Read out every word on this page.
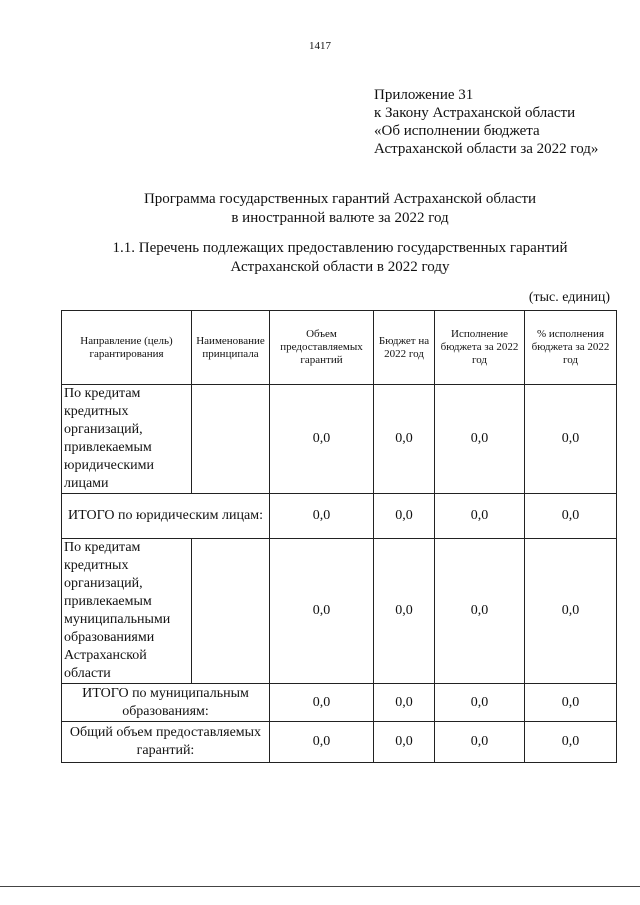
1417
Приложение 31
к Закону Астраханской области
«Об исполнении бюджета
Астраханской области за 2022 год»
Программа государственных гарантий Астраханской области
в иностранной валюте за 2022 год
1.1. Перечень подлежащих предоставлению государственных гарантий
Астраханской области в 2022 году
(тыс. единиц)
Направление (цель) гарантирования	Наименование принципала	Объем предоставляемых гарантий	Бюджет на 2022 год	Исполнение бюджета за 2022 год	% исполнения бюджета за 2022 год
По кредитам кредитных организаций, привлекаемым юридическими лицами		0,0	0,0	0,0	0,0
ИТОГО по юридическим лицам:		0,0	0,0	0,0	0,0
По кредитам кредитных организаций, привлекаемым муниципальными образованиями Астраханской области		0,0	0,0	0,0	0,0
ИТОГО по муниципальным образованиям:		0,0	0,0	0,0	0,0
Общий объем предоставляемых гарантий:		0,0	0,0	0,0	0,0
